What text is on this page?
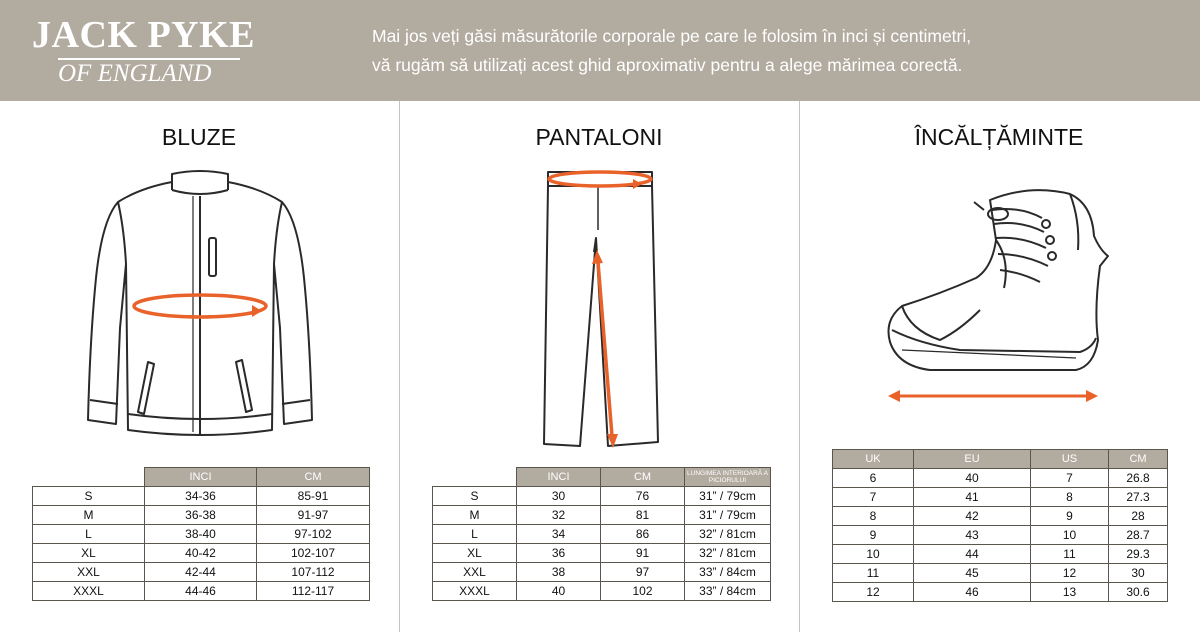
JACK PYKE
OF ENGLAND
Mai jos veți găsi măsurătorile corporale pe care le folosim în inci și centimetri,
vă rugăm să utilizați acest ghid aproximativ pentru a alege mărimea corectă.
BLUZE
	INCI	CM
S	34-36	85-91
M	36-38	91-97
L	38-40	97-102
XL	40-42	102-107
XXL	42-44	107-112
XXXL	44-46	112-117
PANTALONI
	INCI	CM	LUNGIMEA INTERIOARĂ A PICIORULUI
S	30	76	31” / 79cm
M	32	81	31” / 79cm
L	34	86	32” / 81cm
XL	36	91	32” / 81cm
XXL	38	97	33” / 84cm
XXXL	40	102	33” / 84cm
ÎNCĂLȚĂMINTE
UK	EU	US	CM
6	40	7	26.8
7	41	8	27.3
8	42	9	28
9	43	10	28.7
10	44	11	29.3
11	45	12	30
12	46	13	30.6
